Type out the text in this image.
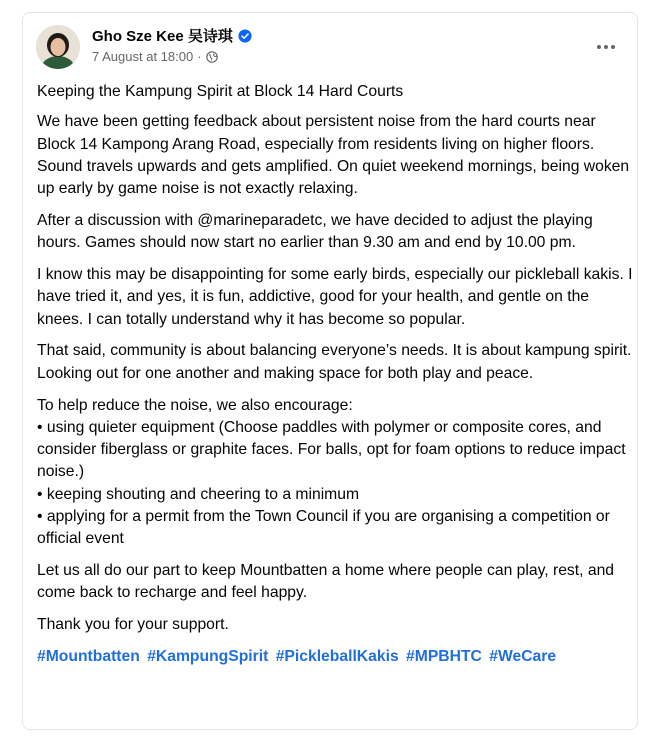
Gho Sze Kee 吴诗琪
7 August at 18:00 ·

Keeping the Kampung Spirit at Block 14 Hard Courts

We have been getting feedback about persistent noise from the hard courts near Block 14 Kampong Arang Road, especially from residents living on higher floors. Sound travels upwards and gets amplified. On quiet weekend mornings, being woken up early by game noise is not exactly relaxing.

After a discussion with @marineparadetc, we have decided to adjust the playing hours. Games should now start no earlier than 9.30 am and end by 10.00 pm.

I know this may be disappointing for some early birds, especially our pickleball kakis. I have tried it, and yes, it is fun, addictive, good for your health, and gentle on the knees. I can totally understand why it has become so popular.

That said, community is about balancing everyone’s needs. It is about kampung spirit. Looking out for one another and making space for both play and peace.

To help reduce the noise, we also encourage:
• using quieter equipment (Choose paddles with polymer or composite cores, and consider fiberglass or graphite faces. For balls, opt for foam options to reduce impact noise.)
• keeping shouting and cheering to a minimum
• applying for a permit from the Town Council if you are organising a competition or official event

Let us all do our part to keep Mountbatten a home where people can play, rest, and come back to recharge and feel happy.

Thank you for your support.

#Mountbatten #KampungSpirit #PickleballKakis #MPBHTC #WeCare
